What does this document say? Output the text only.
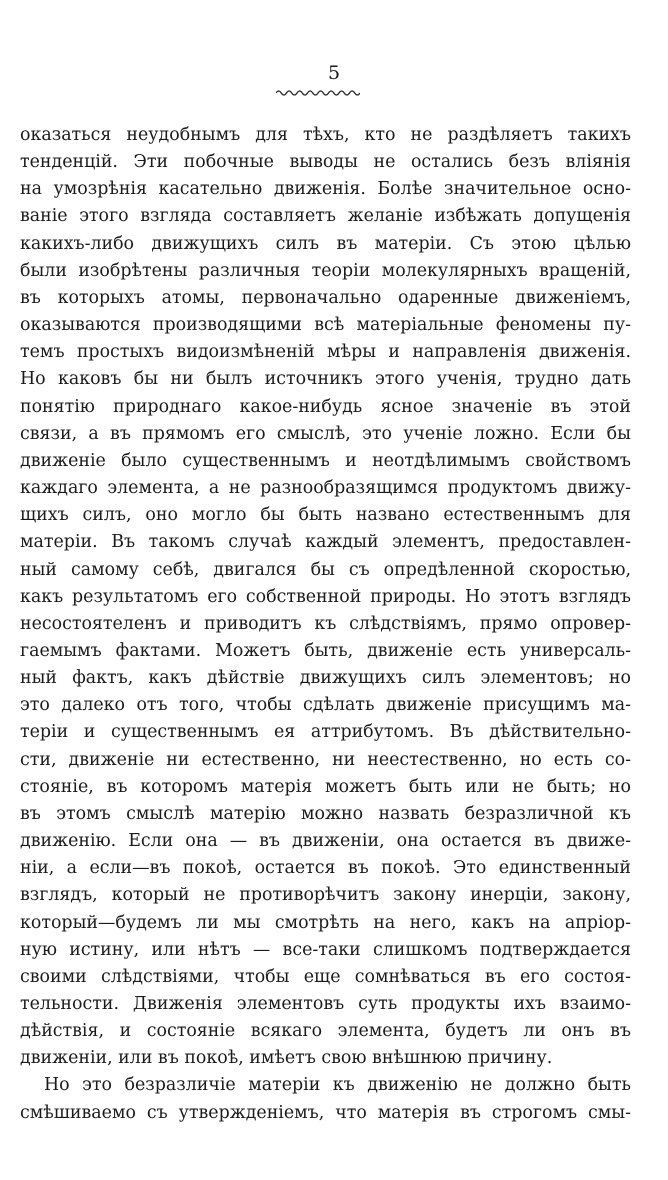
5
оказаться неудобнымъ для тѣхъ, кто не раздѣляетъ такихъ
тенденцій. Эти побочные выводы не остались безъ вліянія
на умозрѣнія касательно движенія. Болѣе значительное осно-
ваніе этого взгляда составляетъ желаніе избѣжать допущенія
какихъ-либо движущихъ силъ въ матеріи. Съ этою цѣлью
были изобрѣтены различныя теоріи молекулярныхъ вращеній,
въ которыхъ атомы, первоначально одаренные движеніемъ,
оказываются производящими всѣ матеріальные феномены пу-
темъ простыхъ видоизмѣненій мѣры и направленія движенія.
Но каковъ бы ни былъ источникъ этого ученія, трудно дать
понятію природнаго какое-нибудь ясное значеніе въ этой
связи, а въ прямомъ его смыслѣ, это ученіе ложно. Если бы
движеніе было существеннымъ и неотдѣлимымъ свойствомъ
каждаго элемента, а не разнообразящимся продуктомъ движу-
щихъ силъ, оно могло бы быть названо естественнымъ для
матеріи. Въ такомъ случаѣ каждый элементъ, предоставлен-
ный самому себѣ, двигался бы съ опредѣленной скоростью,
какъ результатомъ его собственной природы. Но этотъ взглядъ
несостоятеленъ и приводитъ къ слѣдствіямъ, прямо опровер-
гаемымъ фактами. Можетъ быть, движеніе есть универсаль-
ный фактъ, какъ дѣйствіе движущихъ силъ элементовъ; но
это далеко отъ того, чтобы сдѣлать движеніе присущимъ ма-
теріи и существеннымъ ея аттрибутомъ. Въ дѣйствительно-
сти, движеніе ни естественно, ни неестественно, но есть со-
стояніе, въ которомъ матерія можетъ быть или не быть; но
въ этомъ смыслѣ матерію можно назвать безразличной къ
движенію. Если она — въ движеніи, она остается въ движе-
ніи, а если—въ покоѣ, остается въ покоѣ. Это единственный
взглядъ, который не противорѣчитъ закону инерціи, закону,
который—будемъ ли мы смотрѣть на него, какъ на апріор-
ную истину, или нѣтъ — все-таки слишкомъ подтверждается
своими слѣдствіями, чтобы еще сомнѣваться въ его состоя-
тельности. Движенія элементовъ суть продукты ихъ взаимо-
дѣйствія, и состояніе всякаго элемента, будетъ ли онъ въ
движеніи, или въ покоѣ, имѣетъ свою внѣшнюю причину.
Но это безразличіе матеріи къ движенію не должно быть
смѣшиваемо съ утвержденіемъ, что матерія въ строгомъ смы-
